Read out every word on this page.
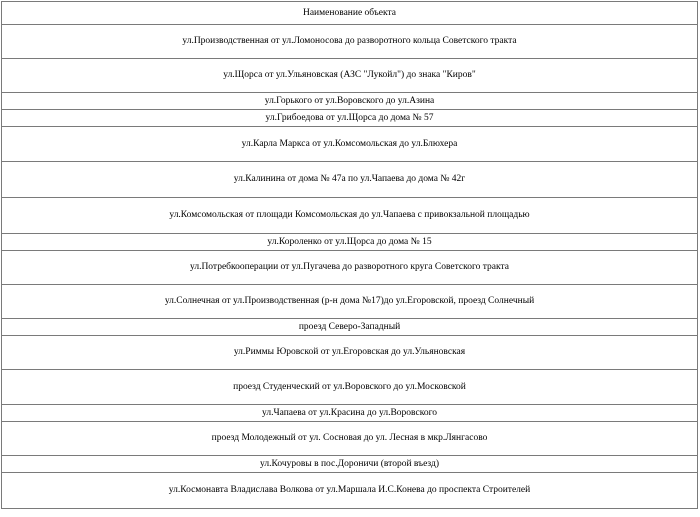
Наименование объекта
ул.Производственная от ул.Ломоносова до разворотного кольца Советского тракта
ул.Щорса от ул.Ульяновская (АЗС "Лукойл") до знака "Киров"
ул.Горького от ул.Воровского до ул.Азина
ул.Грибоедова от ул.Щорса до дома № 57
ул.Карла Маркса от ул.Комсомольская до ул.Блюхера
ул.Калинина от дома № 47а по ул.Чапаева до дома № 42г
ул.Комсомольская от площади Комсомольская до ул.Чапаева с привокзальной площадью
ул.Короленко от ул.Щорса до дома № 15
ул.Потребкооперации от ул.Пугачева до разворотного круга Советского тракта
ул.Солнечная от ул.Производственная (р-н дома №17)до ул.Егоровской, проезд Солнечный
проезд Северо-Западный
ул.Риммы Юровской от ул.Егоровская до ул.Ульяновская
проезд Студенческий от ул.Воровского до ул.Московской
ул.Чапаева от ул.Красина до ул.Воровского
проезд Молодежный от ул. Сосновая до ул. Лесная в мкр.Лянгасово
ул.Кочуровы в пос.Дороничи (второй въезд)
ул.Космонавта Владислава Волкова от ул.Маршала И.С.Конева до проспекта Строителей
